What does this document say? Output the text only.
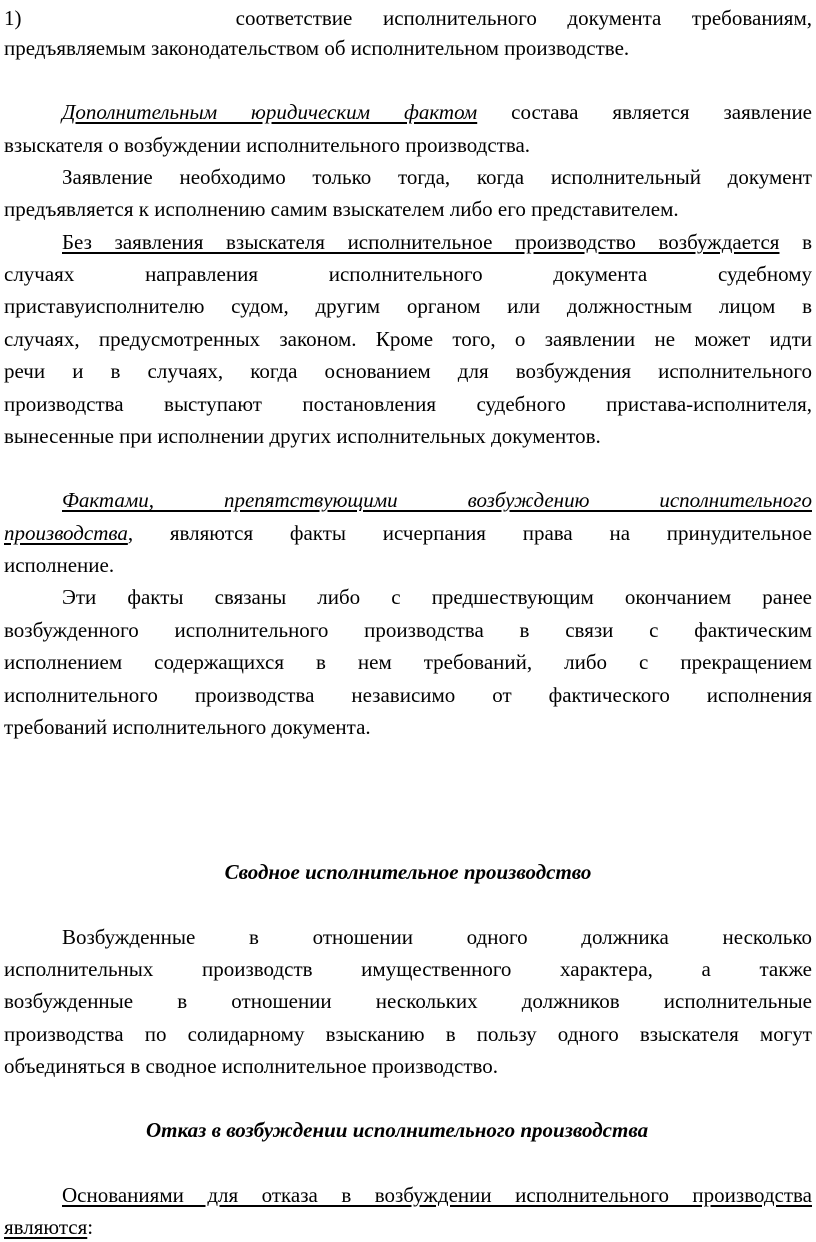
1)       соответствие исполнительного документа требованиям,
предъявляемым законодательством об исполнительном производстве.
Дополнительным юридическим фактом состава является заявление
взыскателя о возбуждении исполнительного производства.
Заявление необходимо только тогда, когда исполнительный документ
предъявляется к исполнению самим взыскателем либо его представителем.
Без заявления взыскателя исполнительное производство возбуждается в
случаях направления исполнительного документа судебному
приставуисполнителю судом, другим органом или должностным лицом в
случаях, предусмотренных законом. Кроме того, о заявлении не может идти
речи и в случаях, когда основанием для возбуждения исполнительного
производства выступают постановления судебного пристава-исполнителя,
вынесенные при исполнении других исполнительных документов.
Фактами, препятствующими возбуждению исполнительного
производства, являются факты исчерпания права на принудительное
исполнение.
Эти факты связаны либо с предшествующим окончанием ранее
возбужденного исполнительного производства в связи с фактическим
исполнением содержащихся в нем требований, либо с прекращением
исполнительного производства независимо от фактического исполнения
требований исполнительного документа.
Сводное исполнительное производство
Возбужденные в отношении одного должника несколько
исполнительных производств имущественного характера, а также
возбужденные в отношении нескольких должников исполнительные
производства по солидарному взысканию в пользу одного взыскателя могут
объединяться в сводное исполнительное производство.
Отказ в возбуждении исполнительного производства
Основаниями для отказа в возбуждении исполнительного производства
являются:
